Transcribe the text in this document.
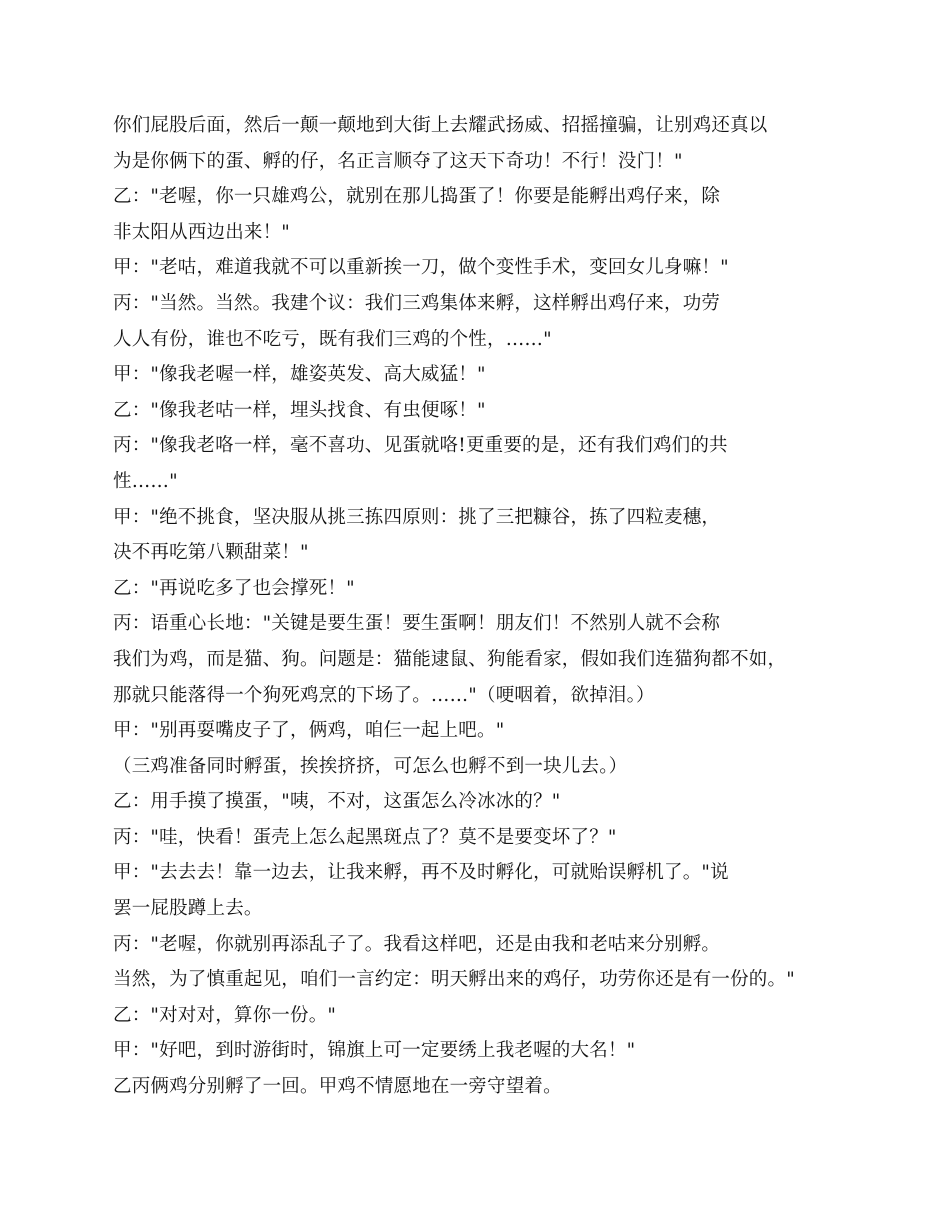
你们屁股后面，然后一颠一颠地到大街上去耀武扬威、招摇撞骗，让别鸡还真以
为是你俩下的蛋、孵的仔，名正言顺夺了这天下奇功！不行！没门！"
乙："老喔，你一只雄鸡公，就别在那儿捣蛋了！你要是能孵出鸡仔来，除
非太阳从西边出来！"
甲："老咕，难道我就不可以重新挨一刀，做个变性手术，变回女儿身嘛！"
丙："当然。当然。我建个议：我们三鸡集体来孵，这样孵出鸡仔来，功劳
人人有份，谁也不吃亏，既有我们三鸡的个性，……"
甲："像我老喔一样，雄姿英发、高大威猛！"
乙："像我老咕一样，埋头找食、有虫便啄！"
丙："像我老咯一样，毫不喜功、见蛋就咯!更重要的是，还有我们鸡们的共
性……"
甲："绝不挑食，坚决服从挑三拣四原则：挑了三把糠谷，拣了四粒麦穗，
决不再吃第八颗甜菜！"
乙："再说吃多了也会撑死！"
丙：语重心长地："关键是要生蛋！要生蛋啊！朋友们！不然别人就不会称
我们为鸡，而是猫、狗。问题是：猫能逮鼠、狗能看家，假如我们连猫狗都不如，
那就只能落得一个狗死鸡烹的下场了。……"（哽咽着，欲掉泪。）
甲："别再耍嘴皮子了，俩鸡，咱仨一起上吧。"
（三鸡准备同时孵蛋，挨挨挤挤，可怎么也孵不到一块儿去。）
乙：用手摸了摸蛋，"咦，不对，这蛋怎么冷冰冰的？"
丙："哇，快看！蛋壳上怎么起黑斑点了？莫不是要变坏了？"
甲："去去去！靠一边去，让我来孵，再不及时孵化，可就贻误孵机了。"说
罢一屁股蹲上去。
丙："老喔，你就别再添乱子了。我看这样吧，还是由我和老咕来分别孵。
当然，为了慎重起见，咱们一言约定：明天孵出来的鸡仔，功劳你还是有一份的。"
乙："对对对，算你一份。"
甲："好吧，到时游街时，锦旗上可一定要绣上我老喔的大名！"
乙丙俩鸡分别孵了一回。甲鸡不情愿地在一旁守望着。
